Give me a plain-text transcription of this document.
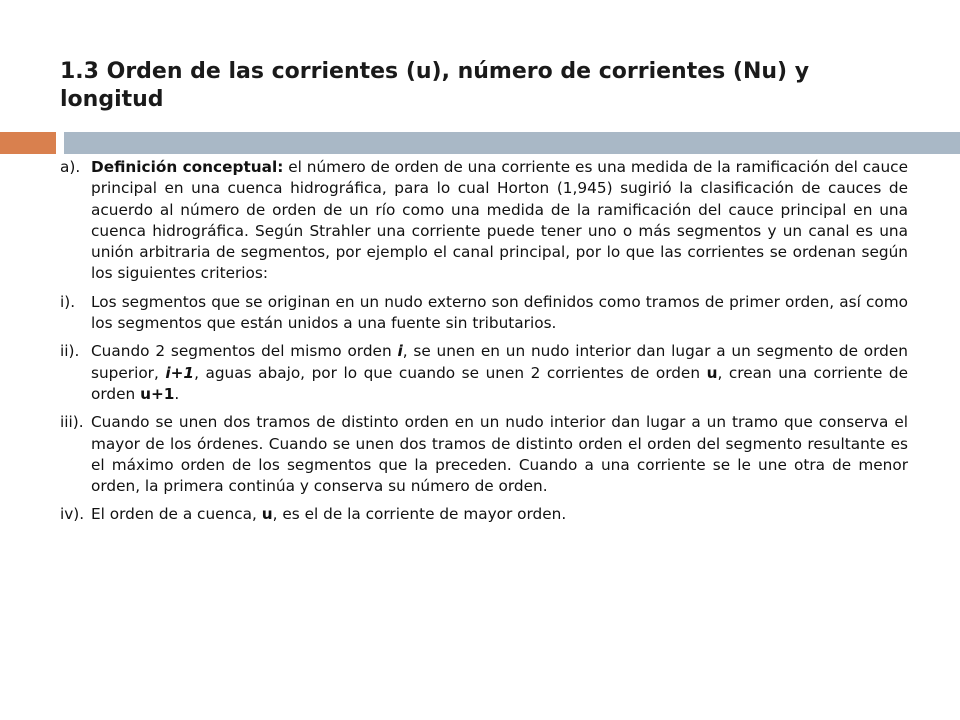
1.3 Orden de las corrientes (u), número de corrientes (Nu) y longitud
a). Definición conceptual: el número de orden de una corriente es una medida de la ramificación del cauce principal en una cuenca hidrográfica, para lo cual Horton (1,945) sugirió la clasificación de cauces de acuerdo al número de orden de un río como una medida de la ramificación del cauce principal en una cuenca hidrográfica. Según Strahler una corriente puede tener uno o más segmentos y un canal es una unión arbitraria de segmentos, por ejemplo el canal principal, por lo que las corrientes se ordenan según los siguientes criterios:
i).	Los segmentos que se originan en un nudo externo son definidos como tramos de primer orden, así como los segmentos que están unidos a una fuente sin tributarios.
ii). Cuando 2 segmentos del mismo orden i, se unen en un nudo interior dan lugar a un segmento de orden superior, i+1, aguas abajo, por lo que cuando se unen 2 corrientes de orden u, crean una corriente de orden u+1.
iii). Cuando se unen dos tramos de distinto orden en un nudo interior dan lugar a un tramo que conserva el mayor de los órdenes. Cuando se unen dos tramos de distinto orden el orden del segmento resultante es el máximo orden de los segmentos que la preceden. Cuando a una corriente se le une otra de menor orden, la primera continúa y conserva su número de orden.
iv). El orden de a cuenca, u, es el de la corriente de mayor orden.
